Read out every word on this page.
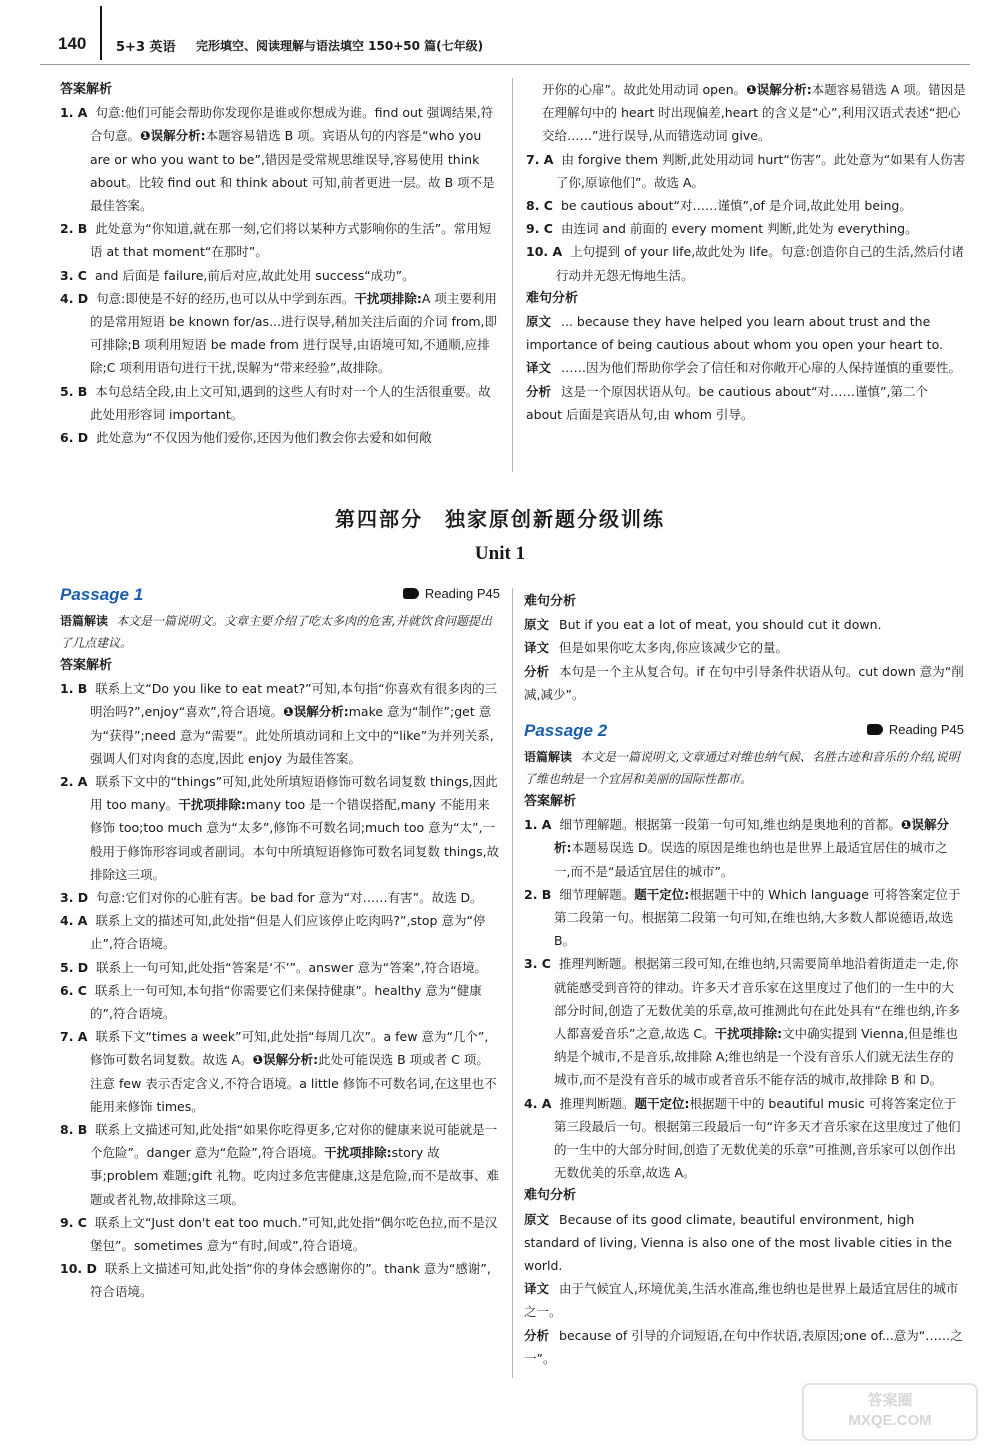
140 5+3 英语 完形填空、阅读理解与语法填空 150+50 篇(七年级)
答案解析
1. A 句意:他们可能会帮助你发现你是谁或你想成为谁。find out 强调结果,符合句意。❶误解分析:本题容易错选 B 项。宾语从句的内容是“who you are or who you want to be”,错因是受常规思维误导,容易使用 think about。比较 find out 和 think about 可知,前者更进一层。故 B 项不是最佳答案。
2. B 此处意为“你知道,就在那一刻,它们将以某种方式影响你的生活”。常用短语 at that moment“在那时”。
3. C and 后面是 failure,前后对应,故此处用 success“成功”。
4. D 句意:即使是不好的经历,也可以从中学到东西。干扰项排除:A 项主要利用的是常用短语 be known for/as...进行误导,稍加关注后面的介词 from,即可排除;B 项利用短语 be made from 进行误导,由语境可知,不通顺,应排除;C 项利用语句进行干扰,误解为“带来经验”,故排除。
5. B 本句总结全段,由上文可知,遇到的这些人有时对一个人的生活很重要。故此处用形容词 important。
6. D 此处意为“不仅因为他们爱你,还因为他们教会你去爱和如何敞
开你的心扉”。故此处用动词 open。❶误解分析:本题容易错选 A 项。错因是在理解句中的 heart 时出现偏差,heart 的含义是“心”,利用汉语式表述“把心交给……”进行误导,从而错选动词 give。
7. A 由 forgive them 判断,此处用动词 hurt“伤害”。此处意为“如果有人伤害了你,原谅他们”。故选 A。
8. C be cautious about“对……谨慎”,of 是介词,故此处用 being。
9. C 由连词 and 前面的 every moment 判断,此处为 everything。
10. A 上句提到 of your life,故此处为 life。句意:创造你自己的生活,然后付诸行动并无怨无悔地生活。
难句分析
原文 ... because they have helped you learn about trust and the importance of being cautious about whom you open your heart to.
译文 ……因为他们帮助你学会了信任和对你敞开心扉的人保持谨慎的重要性。
分析 这是一个原因状语从句。be cautious about“对……谨慎”,第二个 about 后面是宾语从句,由 whom 引导。
第四部分　独家原创新题分级训练
Unit 1
Passage 1	Reading P45
语篇解读 本文是一篇说明文。文章主要介绍了吃太多肉的危害,并就饮食问题提出了几点建议。
答案解析
1. B 联系上文“Do you like to eat meat?”可知,本句指“你喜欢有很多肉的三明治吗?”,enjoy“喜欢”,符合语境。❶误解分析:make 意为“制作”;get 意为“获得”;need 意为“需要”。此处所填动词和上文中的“like”为并列关系,强调人们对肉食的态度,因此 enjoy 为最佳答案。
2. A 联系下文中的“things”可知,此处所填短语修饰可数名词复数 things,因此用 too many。干扰项排除:many too 是一个错误搭配,many 不能用来修饰 too;too much 意为“太多”,修饰不可数名词;much too 意为“太”,一般用于修饰形容词或者副词。本句中所填短语修饰可数名词复数 things,故排除这三项。
3. D 句意:它们对你的心脏有害。be bad for 意为“对……有害”。故选 D。
4. A 联系上文的描述可知,此处指“但是人们应该停止吃肉吗?”,stop 意为“停止”,符合语境。
5. D 联系上一句可知,此处指“答案是‘不’”。answer 意为“答案”,符合语境。
6. C 联系上一句可知,本句指“你需要它们来保持健康”。healthy 意为“健康的”,符合语境。
7. A 联系下文“times a week”可知,此处指“每周几次”。a few 意为“几个”,修饰可数名词复数。故选 A。❶误解分析:此处可能误选 B 项或者 C 项。注意 few 表示否定含义,不符合语境。a little 修饰不可数名词,在这里也不能用来修饰 times。
8. B 联系上文描述可知,此处指“如果你吃得更多,它对你的健康来说可能就是一个危险”。danger 意为“危险”,符合语境。干扰项排除:story 故事;problem 难题;gift 礼物。吃肉过多危害健康,这是危险,而不是故事、难题或者礼物,故排除这三项。
9. C 联系上文“Just don't eat too much.”可知,此处指“偶尔吃色拉,而不是汉堡包”。sometimes 意为“有时,间或”,符合语境。
10. D 联系上文描述可知,此处指“你的身体会感谢你的”。thank 意为“感谢”,符合语境。
难句分析
原文 But if you eat a lot of meat, you should cut it down.
译文 但是如果你吃太多肉,你应该减少它的量。
分析 本句是一个主从复合句。if 在句中引导条件状语从句。cut down 意为“削减,减少”。
Passage 2	Reading P45
语篇解读 本文是一篇说明文,文章通过对维也纳气候、名胜古迹和音乐的介绍,说明了维也纳是一个宜居和美丽的国际性都市。
答案解析
1. A 细节理解题。根据第一段第一句可知,维也纳是奥地利的首都。❶误解分析:本题易误选 D。误选的原因是维也纳也是世界上最适宜居住的城市之一,而不是“最适宜居住的城市”。
2. B 细节理解题。题干定位:根据题干中的 Which language 可将答案定位于第二段第一句。根据第二段第一句可知,在维也纳,大多数人都说德语,故选 B。
3. C 推理判断题。根据第三段可知,在维也纳,只需要简单地沿着街道走一走,你就能感受到音符的律动。许多天才音乐家在这里度过了他们的一生中的大部分时间,创造了无数优美的乐章,故可推测此句在此处具有“在维也纳,许多人都喜爱音乐”之意,故选 C。干扰项排除:文中确实提到 Vienna,但是维也纳是个城市,不是音乐,故排除 A;维也纳是一个没有音乐人们就无法生存的城市,而不是没有音乐的城市或者音乐不能存活的城市,故排除 B 和 D。
4. A 推理判断题。题干定位:根据题干中的 beautiful music 可将答案定位于第三段最后一句。根据第三段最后一句“许多天才音乐家在这里度过了他们的一生中的大部分时间,创造了无数优美的乐章”可推测,音乐家可以创作出无数优美的乐章,故选 A。
难句分析
原文 Because of its good climate, beautiful environment, high standard of living, Vienna is also one of the most livable cities in the world.
译文 由于气候宜人,环境优美,生活水准高,维也纳也是世界上最适宜居住的城市之一。
分析 because of 引导的介词短语,在句中作状语,表原因;one of...意为“……之一”。
答案圈
MXQE.COM
